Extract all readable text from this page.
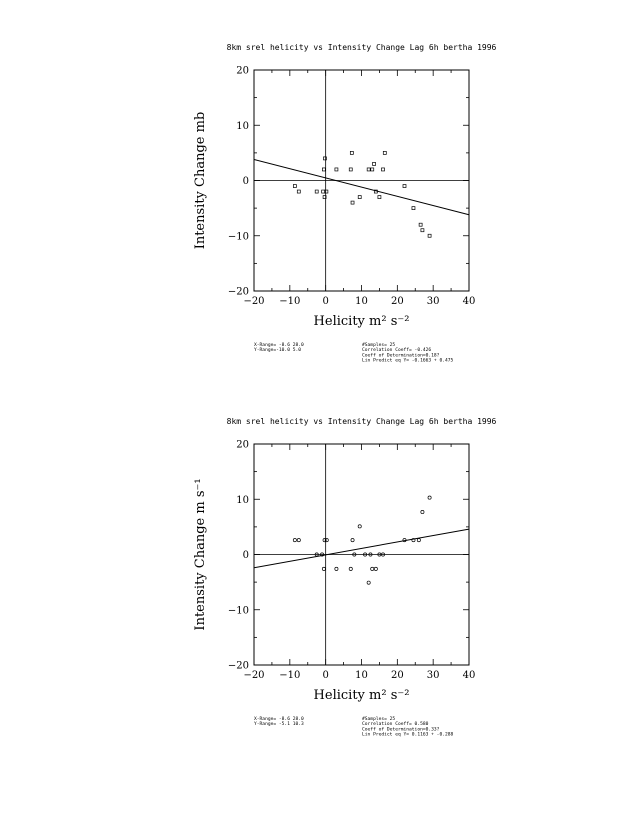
8km srel helicity vs Intensity Change Lag 6h bertha 1996
−20 −10 0	10 20 30 40
−20
−10
0
10
20
Helicity m² s⁻²
Intensity Change mb
X-Range= -8.6 28.0
Y-Range=-10.0 5.0
#Samples= 25
Correlation Coeff= -0.426
Coeff of Determination=0.18?
Lin Predict eq Y= -0.1663 + 0.475
8km srel helicity vs Intensity Change Lag 6h bertha 1996
−20 −10 0	10 20 30 40
−20
−10
0
10
20
Helicity m² s⁻²
Intensity Change m s⁻¹
X-Range= -8.6 28.0
Y-Range= -5.1 10.3
#Samples= 25
Correlation Coeff= 0.580
Coeff of Determination=0.33?
Lin Predict eq Y= 0.1163 + -0.288
